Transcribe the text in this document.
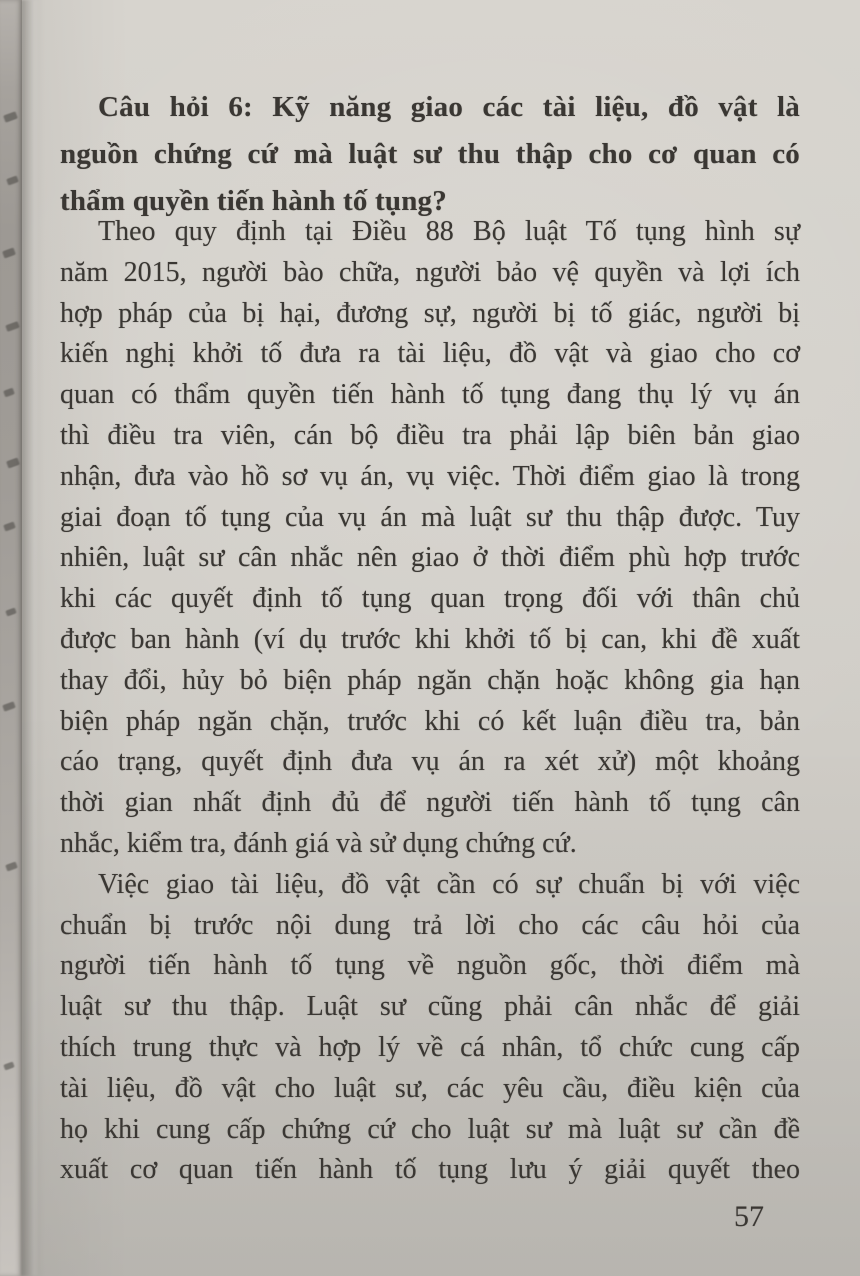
Câu hỏi 6: Kỹ năng giao các tài liệu, đồ vật là
nguồn chứng cứ mà luật sư thu thập cho cơ quan có
thẩm quyền tiến hành tố tụng?
Theo quy định tại Điều 88 Bộ luật Tố tụng hình sự
năm 2015, người bào chữa, người bảo vệ quyền và lợi ích
hợp pháp của bị hại, đương sự, người bị tố giác, người bị
kiến nghị khởi tố đưa ra tài liệu, đồ vật và giao cho cơ
quan có thẩm quyền tiến hành tố tụng đang thụ lý vụ án
thì điều tra viên, cán bộ điều tra phải lập biên bản giao
nhận, đưa vào hồ sơ vụ án, vụ việc. Thời điểm giao là trong
giai đoạn tố tụng của vụ án mà luật sư thu thập được. Tuy
nhiên, luật sư cân nhắc nên giao ở thời điểm phù hợp trước
khi các quyết định tố tụng quan trọng đối với thân chủ
được ban hành (ví dụ trước khi khởi tố bị can, khi đề xuất
thay đổi, hủy bỏ biện pháp ngăn chặn hoặc không gia hạn
biện pháp ngăn chặn, trước khi có kết luận điều tra, bản
cáo trạng, quyết định đưa vụ án ra xét xử) một khoảng
thời gian nhất định đủ để người tiến hành tố tụng cân
nhắc, kiểm tra, đánh giá và sử dụng chứng cứ.
Việc giao tài liệu, đồ vật cần có sự chuẩn bị với việc
chuẩn bị trước nội dung trả lời cho các câu hỏi của
người tiến hành tố tụng về nguồn gốc, thời điểm mà
luật sư thu thập. Luật sư cũng phải cân nhắc để giải
thích trung thực và hợp lý về cá nhân, tổ chức cung cấp
tài liệu, đồ vật cho luật sư, các yêu cầu, điều kiện của
họ khi cung cấp chứng cứ cho luật sư mà luật sư cần đề
xuất cơ quan tiến hành tố tụng lưu ý giải quyết theo
57
